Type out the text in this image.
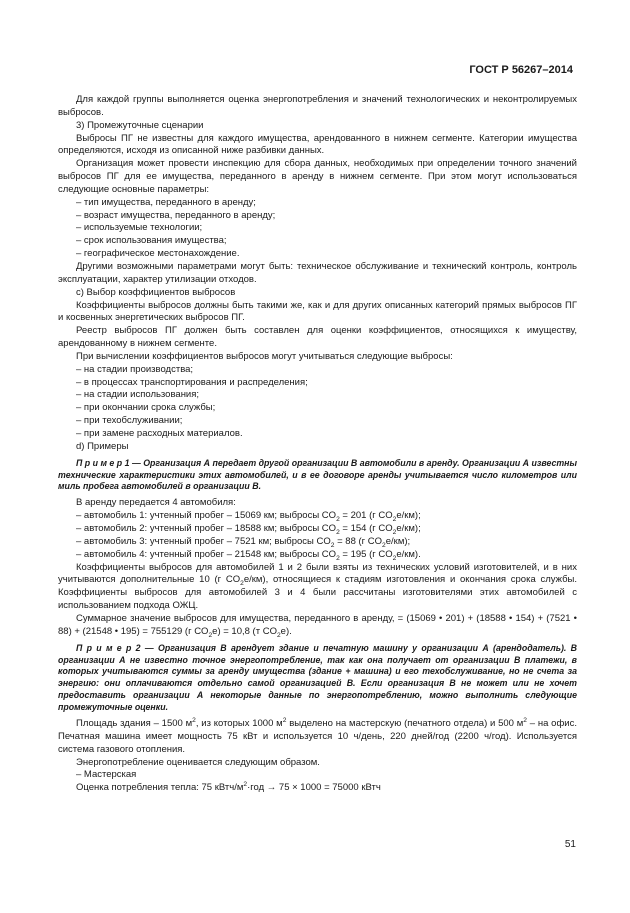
ГОСТ Р 56267–2014
Для каждой группы выполняется оценка энергопотребления и значений технологических и неконтролируемых выбросов.
3) Промежуточные сценарии
Выбросы ПГ не известны для каждого имущества, арендованного в нижнем сегменте. Категории имущества определяются, исходя из описанной ниже разбивки данных.
Организация может провести инспекцию для сбора данных, необходимых при определении точного значений выбросов ПГ для ее имущества, переданного в аренду в нижнем сегменте. При этом могут использоваться следующие основные параметры:
– тип имущества, переданного в аренду;
– возраст имущества, переданного в аренду;
– используемые технологии;
– срок использования имущества;
– географическое местонахождение.
Другими возможными параметрами могут быть: техническое обслуживание и технический контроль, контроль эксплуатации, характер утилизации отходов.
с) Выбор коэффициентов выбросов
Коэффициенты выбросов должны быть такими же, как и для других описанных категорий прямых выбросов ПГ и косвенных энергетических выбросов ПГ.
Реестр выбросов ПГ должен быть составлен для оценки коэффициентов, относящихся к имуществу, арендованному в нижнем сегменте.
При вычислении коэффициентов выбросов могут учитываться следующие выбросы:
– на стадии производства;
– в процессах транспортирования и распределения;
– на стадии использования;
– при окончании срока службы;
– при техобслуживании;
– при замене расходных материалов.
d) Примеры
П р и м е р 1 — Организация А передает другой организации В автомобили в аренду. Организации А известны технические характеристики этих автомобилей, и в ее договоре аренды учитывается число километров или миль пробега автомобилей в организации В.
В аренду передается 4 автомобиля:
– автомобиль 1: учтенный пробег – 15069 км; выбросы $CO_2 = 201$ (г $CO_2e/км$);
– автомобиль 2: учтенный пробег – 18588 км; выбросы $CO_2 = 154$ (г $CO_2e/км$);
– автомобиль 3: учтенный пробег – 7521 км; выбросы $CO_2 = 88$ (г $CO_2e/км$);
– автомобиль 4: учтенный пробег – 21548 км; выбросы $CO_2 = 195$ (г $CO_2e/км$).
Коэффициенты выбросов для автомобилей 1 и 2 были взяты из технических условий изготовителей, и в них учитываются дополнительные 10 (г $CO_2e/км$), относящиеся к стадиям изготовления и окончания срока службы. Коэффициенты выбросов для автомобилей 3 и 4 были рассчитаны изготовителями этих автомобилей с использованием подхода ОЖЦ.
Суммарное значение выбросов для имущества, переданного в аренду, = (15069 • 201) + (18588 • 154) + (7521 • 88) + (21548 • 195) = 755129 (г $CO_2e) = 10,8$ (т $CO_2e$).
П р и м е р 2 — Организация В арендует здание и печатную машину у организации А (арендодатель). В организации А не известно точное энергопотребление, так как она получает от организации В платежи, в которых учитываются суммы за аренду имущества (здание + машина) и его техобслуживание, но не счета за энергию: они оплачиваются отдельно самой организацией В. Если организация В не может или не хочет предоставить организации А некоторые данные по энергопотреблению, можно выполнить следующие промежуточные оценки.
Площадь здания – 1500 $м^2$, из которых 1000 $м^2$ выделено на мастерскую (печатного отдела) и 500 $м^2$ – на офис. Печатная машина имеет мощность 75 кВт и используется 10 ч/день, 220 дней/год (2200 ч/год). Используется система газового отопления.
Энергопотребление оценивается следующим образом.
– Мастерская
Оценка потребления тепла: 75 кВтч/$м^2\cdot год \to 75 \times 1000 = 75000$ кВтч
51
